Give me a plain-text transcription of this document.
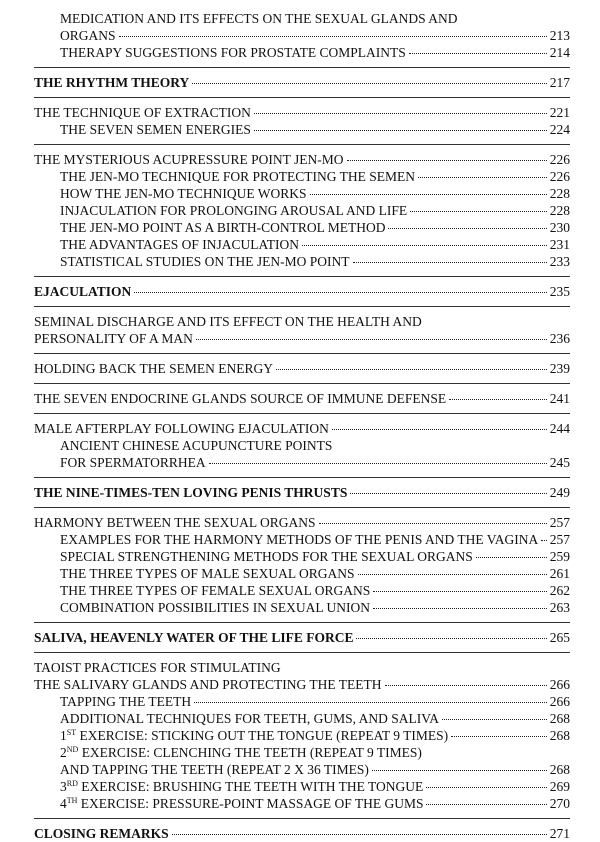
MEDICATION AND ITS EFFECTS ON THE SEXUAL GLANDS AND
ORGANS	213
THERAPY SUGGESTIONS FOR PROSTATE COMPLAINTS	214
THE RHYTHM THEORY	217
THE TECHNIQUE OF EXTRACTION	221
THE SEVEN SEMEN ENERGIES	224
THE MYSTERIOUS ACUPRESSURE POINT JEN-MO	226
THE JEN-MO TECHNIQUE FOR PROTECTING THE SEMEN	226
HOW THE JEN-MO TECHNIQUE WORKS	228
INJACULATION FOR PROLONGING AROUSAL AND LIFE	228
THE JEN-MO POINT AS A BIRTH-CONTROL METHOD	230
THE ADVANTAGES OF INJACULATION	231
STATISTICAL STUDIES ON THE JEN-MO POINT	233
EJACULATION	235
SEMINAL DISCHARGE AND ITS EFFECT ON THE HEALTH AND
PERSONALITY OF A MAN	236
HOLDING BACK THE SEMEN ENERGY	239
THE SEVEN ENDOCRINE GLANDS SOURCE OF IMMUNE DEFENSE	241
MALE AFTERPLAY FOLLOWING EJACULATION	244
ANCIENT CHINESE ACUPUNCTURE POINTS
FOR SPERMATORRHEA	245
THE NINE-TIMES-TEN LOVING PENIS THRUSTS	249
HARMONY BETWEEN THE SEXUAL ORGANS	257
EXAMPLES FOR THE HARMONY METHODS OF THE PENIS AND THE VAGINA 257
SPECIAL STRENGTHENING METHODS FOR THE SEXUAL ORGANS	259
THE THREE TYPES OF MALE SEXUAL ORGANS	261
THE THREE TYPES OF FEMALE SEXUAL ORGANS	262
COMBINATION POSSIBILITIES IN SEXUAL UNION	263
SALIVA, HEAVENLY WATER OF THE LIFE FORCE	265
TAOIST PRACTICES FOR STIMULATING
THE SALIVARY GLANDS AND PROTECTING THE TEETH	266
TAPPING THE TEETH	266
ADDITIONAL TECHNIQUES FOR TEETH, GUMS, AND SALIVA	268
1ST EXERCISE: STICKING OUT THE TONGUE (REPEAT 9 TIMES)	268
2ND EXERCISE: CLENCHING THE TEETH (REPEAT 9 TIMES)
AND TAPPING THE TEETH (REPEAT 2 X 36 TIMES)	268
3RD EXERCISE: BRUSHING THE TEETH WITH THE TONGUE	269
4TH EXERCISE: PRESSURE-POINT MASSAGE OF THE GUMS	270
CLOSING REMARKS	271
